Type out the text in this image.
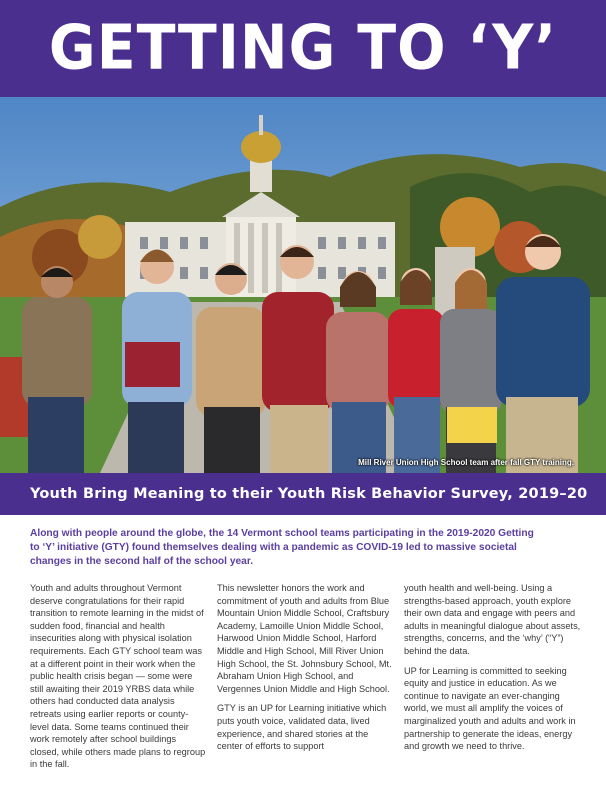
GETTING TO ‘Y’
Mill River Union High School team after fall GTY training.
Youth Bring Meaning to their Youth Risk Behavior Survey, 2019–20
Along with people around the globe, the 14 Vermont school teams participating in the 2019-2020 Getting to ‘Y’ initiative (GTY) found themselves dealing with a pandemic as COVID-19 led to massive societal changes in the second half of the school year.

Youth and adults throughout Vermont deserve congratulations for their rapid transition to remote learning in the midst of sudden food, financial and health insecurities along with physical isolation requirements. Each GTY school team was at a different point in their work when the public health crisis began — some were still awaiting their 2019 YRBS data while others had conducted data analysis retreats using earlier reports or county-level data. Some teams continued their work remotely after school buildings closed, while others made plans to regroup in the fall.

This newsletter honors the work and commitment of youth and adults from Blue Mountain Union Middle School, Craftsbury Academy, Lamoille Union Middle School, Harwood Union Middle School, Harford Middle and High School, Mill River Union High School, the St. Johnsbury School, Mt. Abraham Union High School, and Vergennes Union Middle and High School.

GTY is an UP for Learning initiative which puts youth voice, validated data, lived experience, and shared stories at the center of efforts to support

youth health and well-being. Using a strengths-based approach, youth explore their own data and engage with peers and adults in meaningful dialogue about assets, strengths, concerns, and the ‘why’ (“Y”) behind the data.

UP for Learning is committed to seeking equity and justice in education. As we continue to navigate an ever-changing world, we must all amplify the voices of marginalized youth and adults and work in partnership to generate the ideas, energy and growth we need to thrive.
